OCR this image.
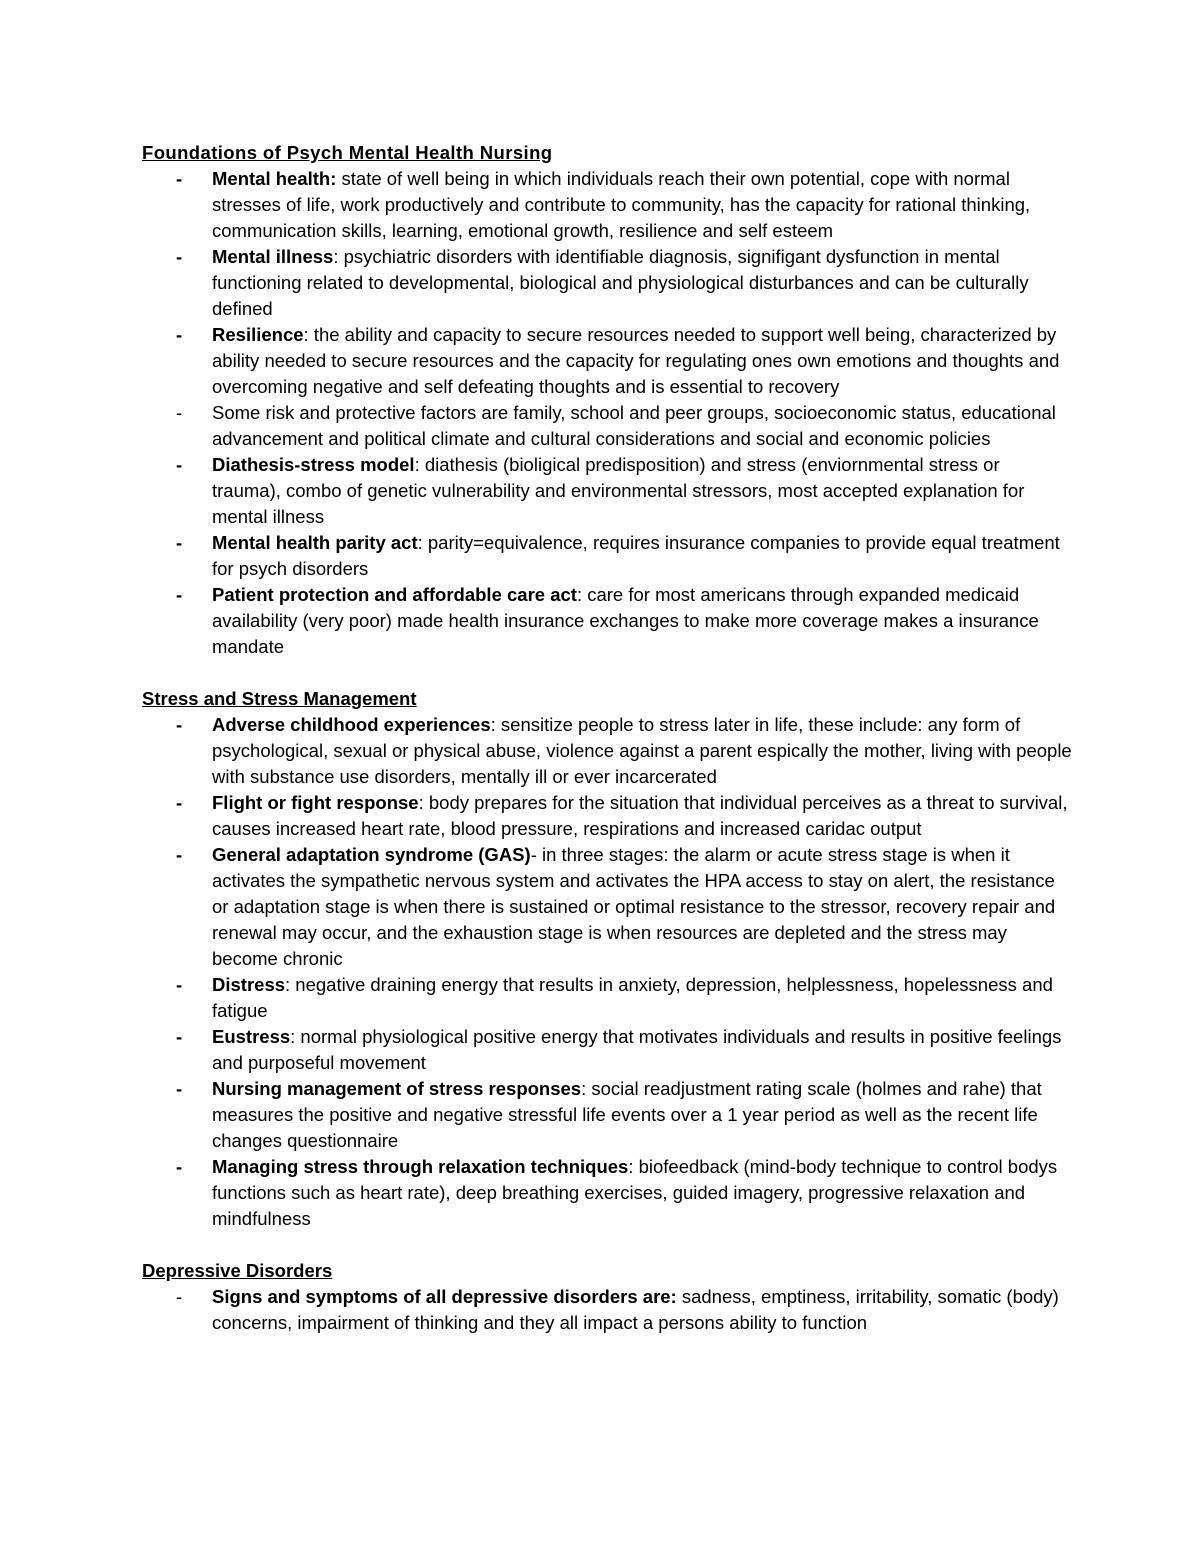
Foundations of Psych Mental Health Nursing
- Mental health: state of well being in which individuals reach their own potential, cope with normal stresses of life, work productively and contribute to community, has the capacity for rational thinking, communication skills, learning, emotional growth, resilience and self esteem
- Mental illness: psychiatric disorders with identifiable diagnosis, signifigant dysfunction in mental functioning related to developmental, biological and physiological disturbances and can be culturally defined
- Resilience: the ability and capacity to secure resources needed to support well being, characterized by ability needed to secure resources and the capacity for regulating ones own emotions and thoughts and overcoming negative and self defeating thoughts and is essential to recovery
- Some risk and protective factors are family, school and peer groups, socioeconomic status, educational advancement and political climate and cultural considerations and social and economic policies
- Diathesis-stress model: diathesis (bioligical predisposition) and stress (enviornmental stress or trauma), combo of genetic vulnerability and environmental stressors, most accepted explanation for mental illness
- Mental health parity act: parity=equivalence, requires insurance companies to provide equal treatment for psych disorders
- Patient protection and affordable care act: care for most americans through expanded medicaid availability (very poor) made health insurance exchanges to make more coverage makes a insurance mandate
Stress and Stress Management
- Adverse childhood experiences: sensitize people to stress later in life, these include: any form of psychological, sexual or physical abuse, violence against a parent espically the mother, living with people with substance use disorders, mentally ill or ever incarcerated
- Flight or fight response: body prepares for the situation that individual perceives as a threat to survival, causes increased heart rate, blood pressure, respirations and increased caridac output
- General adaptation syndrome (GAS)- in three stages: the alarm or acute stress stage is when it activates the sympathetic nervous system and activates the HPA access to stay on alert, the resistance or adaptation stage is when there is sustained or optimal resistance to the stressor, recovery repair and renewal may occur, and the exhaustion stage is when resources are depleted and the stress may become chronic
- Distress: negative draining energy that results in anxiety, depression, helplessness, hopelessness and fatigue
- Eustress: normal physiological positive energy that motivates individuals and results in positive feelings and purposeful movement
- Nursing management of stress responses: social readjustment rating scale (holmes and rahe) that measures the positive and negative stressful life events over a 1 year period as well as the recent life changes questionnaire
- Managing stress through relaxation techniques: biofeedback (mind-body technique to control bodys functions such as heart rate), deep breathing exercises, guided imagery, progressive relaxation and mindfulness
Depressive Disorders
- Signs and symptoms of all depressive disorders are: sadness, emptiness, irritability, somatic (body) concerns, impairment of thinking and they all impact a persons ability to function
